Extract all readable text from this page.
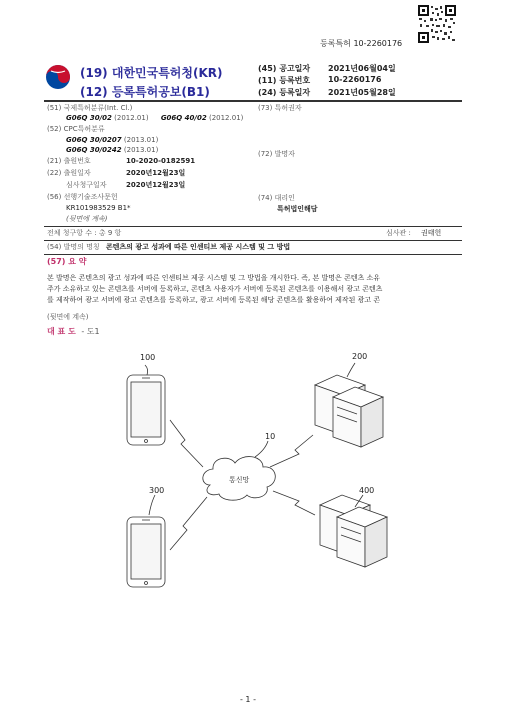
등록특허 10-2260176
(19) 대한민국특허청(KR)
(12) 등록특허공보(B1)
(45) 공고일자 2021년06월04일
(11) 등록번호 10-2260176
(24) 등록일자 2021년05월28일
(51) 국제특허분류(Int. Cl.)
G06Q 30/02 (2012.01) G06Q 40/02 (2012.01)
(52) CPC특허분류
G06Q 30/0207 (2013.01)
G06Q 30/0242 (2013.01)
(21) 출원번호	10-2020-0182591
(22) 출원일자	2020년12월23일
심사청구일자	2020년12월23일
(56) 선행기술조사문헌
KR101983529 B1*
(뒷면에 계속)
(73) 특허권자
(72) 발명자
(74) 대리인
특허법인해담
전체 청구항 수 : 총 9 항	심사관 : 권태헌
(54) 발명의 명칭 콘텐츠의 광고 성과에 따른 인센티브 제공 시스템 및 그 방법
(57) 요 약
본 발명은 콘텐츠의 광고 성과에 따른 인센티브 제공 시스템 및 그 방법을 개시한다. 즉, 본 발명은 콘텐츠 소유
주가 소유하고 있는 콘텐츠를 서버에 등록하고, 콘텐츠 사용자가 서버에 등록된 콘텐츠를 이용해서 광고 콘텐츠
를 제작하여 광고 서버에 광고 콘텐츠를 등록하고, 광고 서버에 등록된 해당 콘텐츠를 활용하여 제작된 광고 콘
(뒷면에 계속)
대 표 도 - 도1
100	200
10
통신망
300	400
- 1 -
